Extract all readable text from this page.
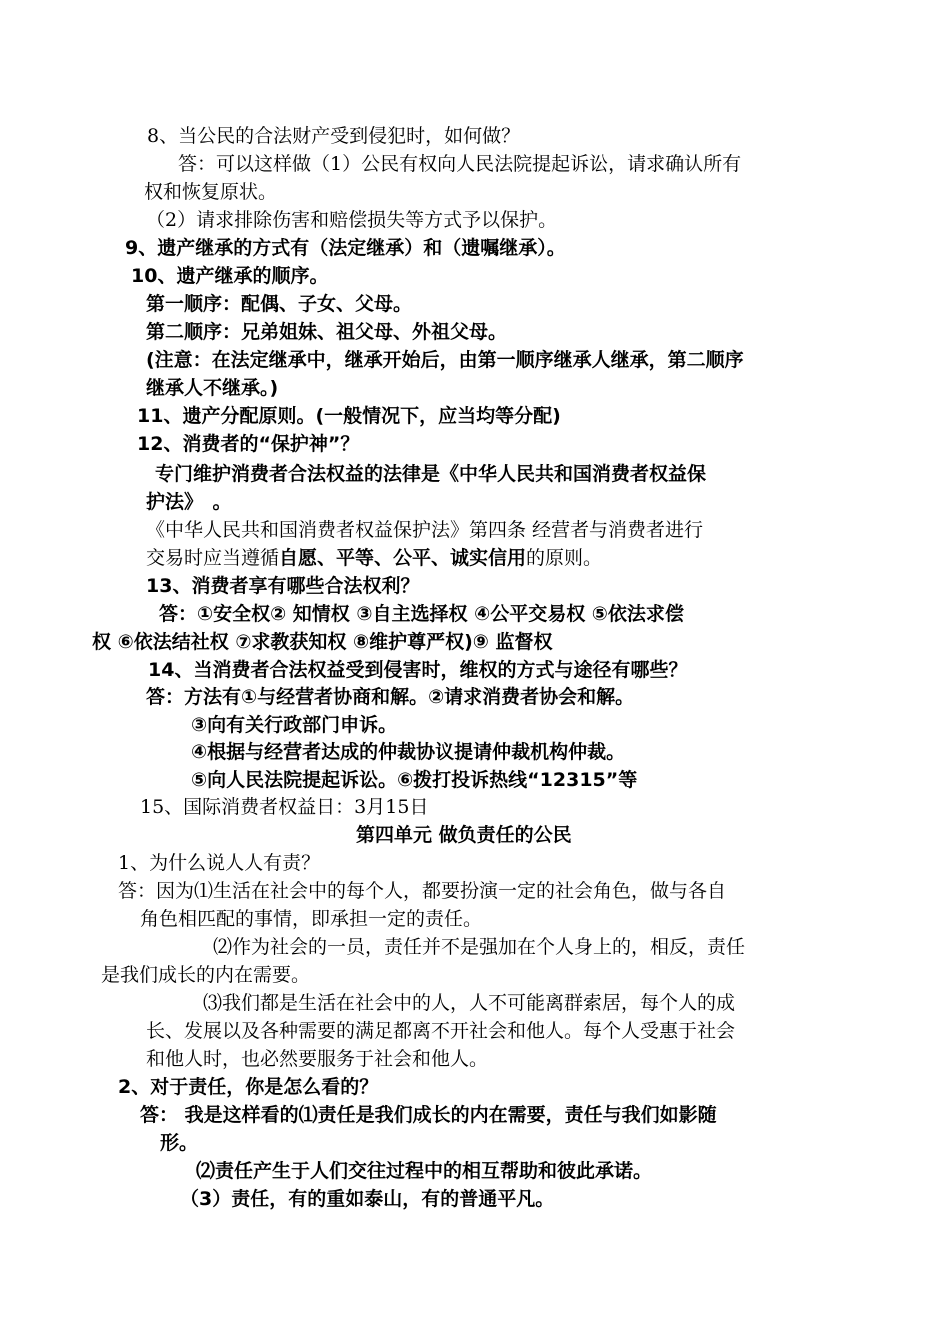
8、当公民的合法财产受到侵犯时，如何做？
答：可以这样做（1）公民有权向人民法院提起诉讼，请求确认所有
权和恢复原状。
（2）请求排除伤害和赔偿损失等方式予以保护。
9、遗产继承的方式有（法定继承）和（遗嘱继承）。
10、遗产继承的顺序。
第一顺序：配偶、子女、父母。
第二顺序：兄弟姐妹、祖父母、外祖父母。
(注意：在法定继承中，继承开始后，由第一顺序继承人继承，第二顺序
继承人不继承。)
11、遗产分配原则。(一般情况下，应当均等分配)
12、消费者的“保护神”？
专门维护消费者合法权益的法律是《中华人民共和国消费者权益保
护法》　。
《中华人民共和国消费者权益保护法》第四条 经营者与消费者进行
交易时应当遵循自愿、平等、公平、诚实信用的原则。
13、消费者享有哪些合法权利？
答：①安全权② 知情权 ③自主选择权 ④公平交易权 ⑤依法求偿
权 ⑥依法结社权 ⑦求教获知权 ⑧维护尊严权)⑨ 监督权
14、当消费者合法权益受到侵害时，维权的方式与途径有哪些？
答：方法有①与经营者协商和解。②请求消费者协会和解。
③向有关行政部门申诉。
④根据与经营者达成的仲裁协议提请仲裁机构仲裁。
⑤向人民法院提起诉讼。⑥拨打投诉热线“12315”等
15、国际消费者权益日：3月15日
第四单元 做负责任的公民
1、为什么说人人有责？
答：因为⑴生活在社会中的每个人，都要扮演一定的社会角色，做与各自
角色相匹配的事情，即承担一定的责任。
⑵作为社会的一员，责任并不是强加在个人身上的，相反，责任
是我们成长的内在需要。
⑶我们都是生活在社会中的人，人不可能离群索居，每个人的成
长、发展以及各种需要的满足都离不开社会和他人。每个人受惠于社会
和他人时，也必然要服务于社会和他人。
2、对于责任，你是怎么看的？
答： 我是这样看的⑴责任是我们成长的内在需要，责任与我们如影随
形。
⑵责任产生于人们交往过程中的相互帮助和彼此承诺。
（3）责任，有的重如泰山，有的普通平凡。
